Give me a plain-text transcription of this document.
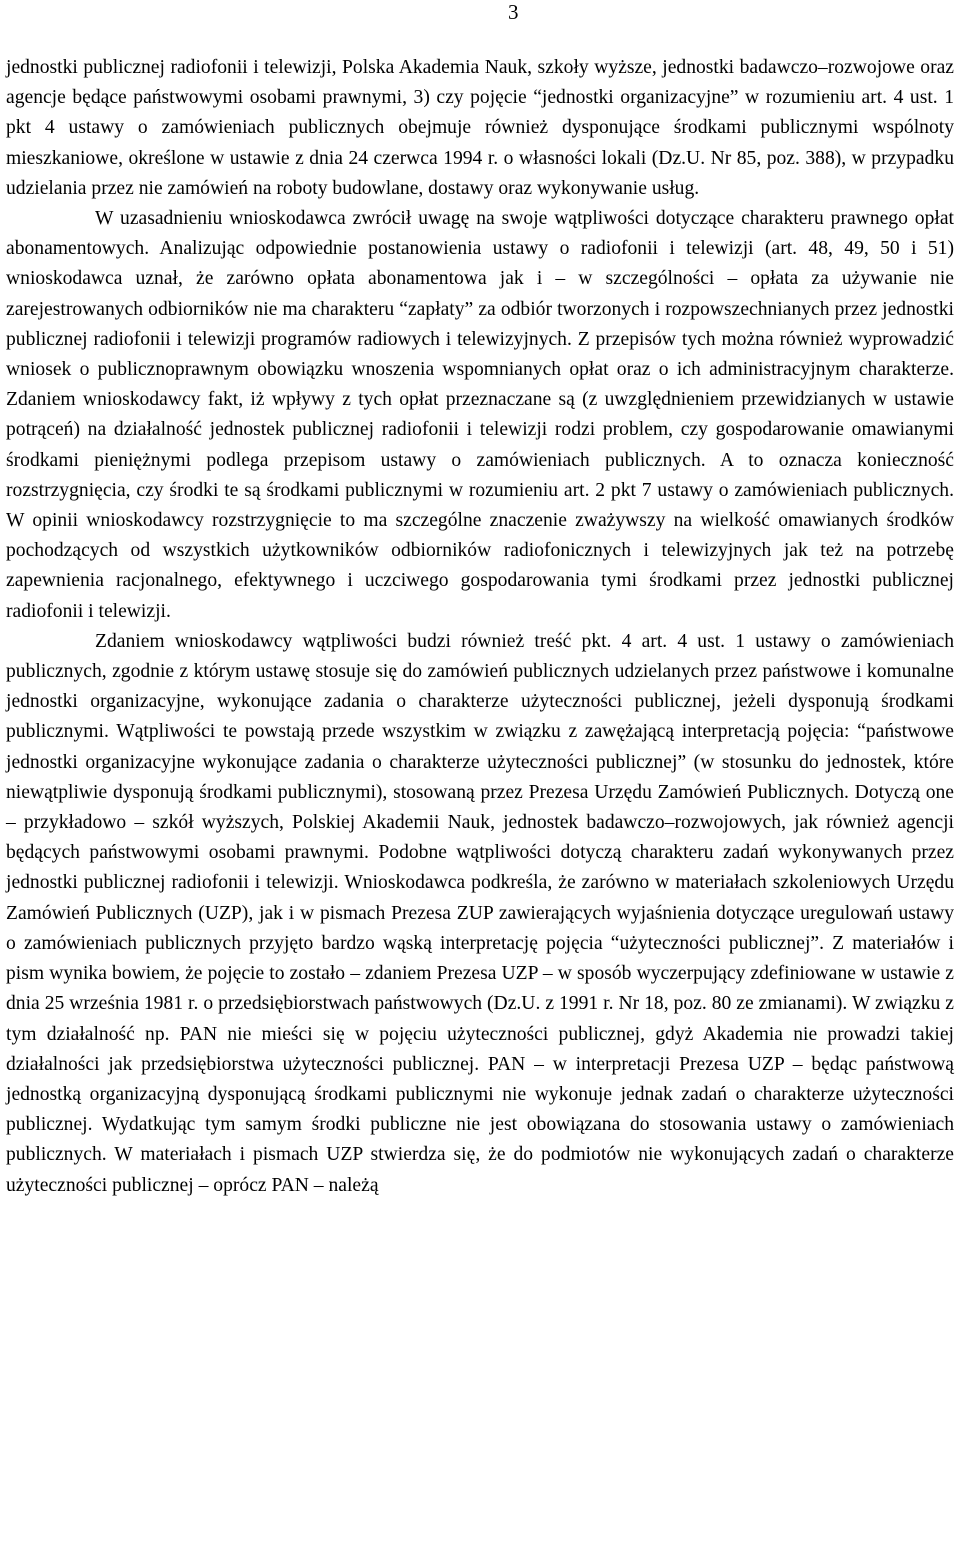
3

jednostki publicznej radiofonii i telewizji, Polska Akademia Nauk, szkoły wyższe, jednostki badawczo–rozwojowe oraz agencje będące państwowymi osobami prawnymi, 3) czy pojęcie “jednostki organizacyjne” w rozumieniu art. 4 ust. 1 pkt 4 ustawy o zamówieniach publicznych obejmuje również dysponujące środkami publicznymi wspólnoty mieszkaniowe, określone w ustawie z dnia 24 czerwca 1994 r. o własności lokali (Dz.U. Nr 85, poz. 388), w przypadku udzielania przez nie zamówień na roboty budowlane, dostawy oraz wykonywanie usług.

W uzasadnieniu wnioskodawca zwrócił uwagę na swoje wątpliwości dotyczące charakteru prawnego opłat abonamentowych. Analizując odpowiednie postanowienia ustawy o radiofonii i telewizji (art. 48, 49, 50 i 51) wnioskodawca uznał, że zarówno opłata abonamentowa jak i – w szczególności – opłata za używanie nie zarejestrowanych odbiorników nie ma charakteru “zapłaty” za odbiór tworzonych i rozpowszechnianych przez jednostki publicznej radiofonii i telewizji programów radiowych i telewizyjnych. Z przepisów tych można również wyprowadzić wniosek o publicznoprawnym obowiązku wnoszenia wspomnianych opłat oraz o ich administracyjnym charakterze. Zdaniem wnioskodawcy fakt, iż wpływy z tych opłat przeznaczane są (z uwzględnieniem przewidzianych w ustawie potrąceń) na działalność jednostek publicznej radiofonii i telewizji rodzi problem, czy gospodarowanie omawianymi środkami pieniężnymi podlega przepisom ustawy o zamówieniach publicznych. A to oznacza konieczność rozstrzygnięcia, czy środki te są środkami publicznymi w rozumieniu art. 2 pkt 7 ustawy o zamówieniach publicznych. W opinii wnioskodawcy rozstrzygnięcie to ma szczególne znaczenie zważywszy na wielkość omawianych środków pochodzących od wszystkich użytkowników odbiorników radiofonicznych i telewizyjnych jak też na potrzebę zapewnienia racjonalnego, efektywnego i uczciwego gospodarowania tymi środkami przez jednostki publicznej radiofonii i telewizji.

Zdaniem wnioskodawcy wątpliwości budzi również treść pkt. 4 art. 4 ust. 1 ustawy o zamówieniach publicznych, zgodnie z którym ustawę stosuje się do zamówień publicznych udzielanych przez państwowe i komunalne jednostki organizacyjne, wykonujące zadania o charakterze użyteczności publicznej, jeżeli dysponują środkami publicznymi. Wątpliwości te powstają przede wszystkim w związku z zawężającą interpretacją pojęcia: “państwowe jednostki organizacyjne wykonujące zadania o charakterze użyteczności publicznej” (w stosunku do jednostek, które niewątpliwie dysponują środkami publicznymi), stosowaną przez Prezesa Urzędu Zamówień Publicznych. Dotyczą one – przykładowo – szkół wyższych, Polskiej Akademii Nauk, jednostek badawczo–rozwojowych, jak również agencji będących państwowymi osobami prawnymi. Podobne wątpliwości dotyczą charakteru zadań wykonywanych przez jednostki publicznej radiofonii i telewizji. Wnioskodawca podkreśla, że zarówno w materiałach szkoleniowych Urzędu Zamówień Publicznych (UZP), jak i w pismach Prezesa ZUP zawierających wyjaśnienia dotyczące uregulowań ustawy o zamówieniach publicznych przyjęto bardzo wąską interpretację pojęcia “użyteczności publicznej”. Z materiałów i pism wynika bowiem, że pojęcie to zostało – zdaniem Prezesa UZP – w sposób wyczerpujący zdefiniowane w ustawie z dnia 25 września 1981 r. o przedsiębiorstwach państwowych (Dz.U. z 1991 r. Nr 18, poz. 80 ze zmianami). W związku z tym działalność np. PAN nie mieści się w pojęciu użyteczności publicznej, gdyż Akademia nie prowadzi takiej działalności jak przedsiębiorstwa użyteczności publicznej. PAN – w interpretacji Prezesa UZP – będąc państwową jednostką organizacyjną dysponującą środkami publicznymi nie wykonuje jednak zadań o charakterze użyteczności publicznej. Wydatkując tym samym środki publiczne nie jest obowiązana do stosowania ustawy o zamówieniach publicznych. W materiałach i pismach UZP stwierdza się, że do podmiotów nie wykonujących zadań o charakterze użyteczności publicznej – oprócz PAN – należą
